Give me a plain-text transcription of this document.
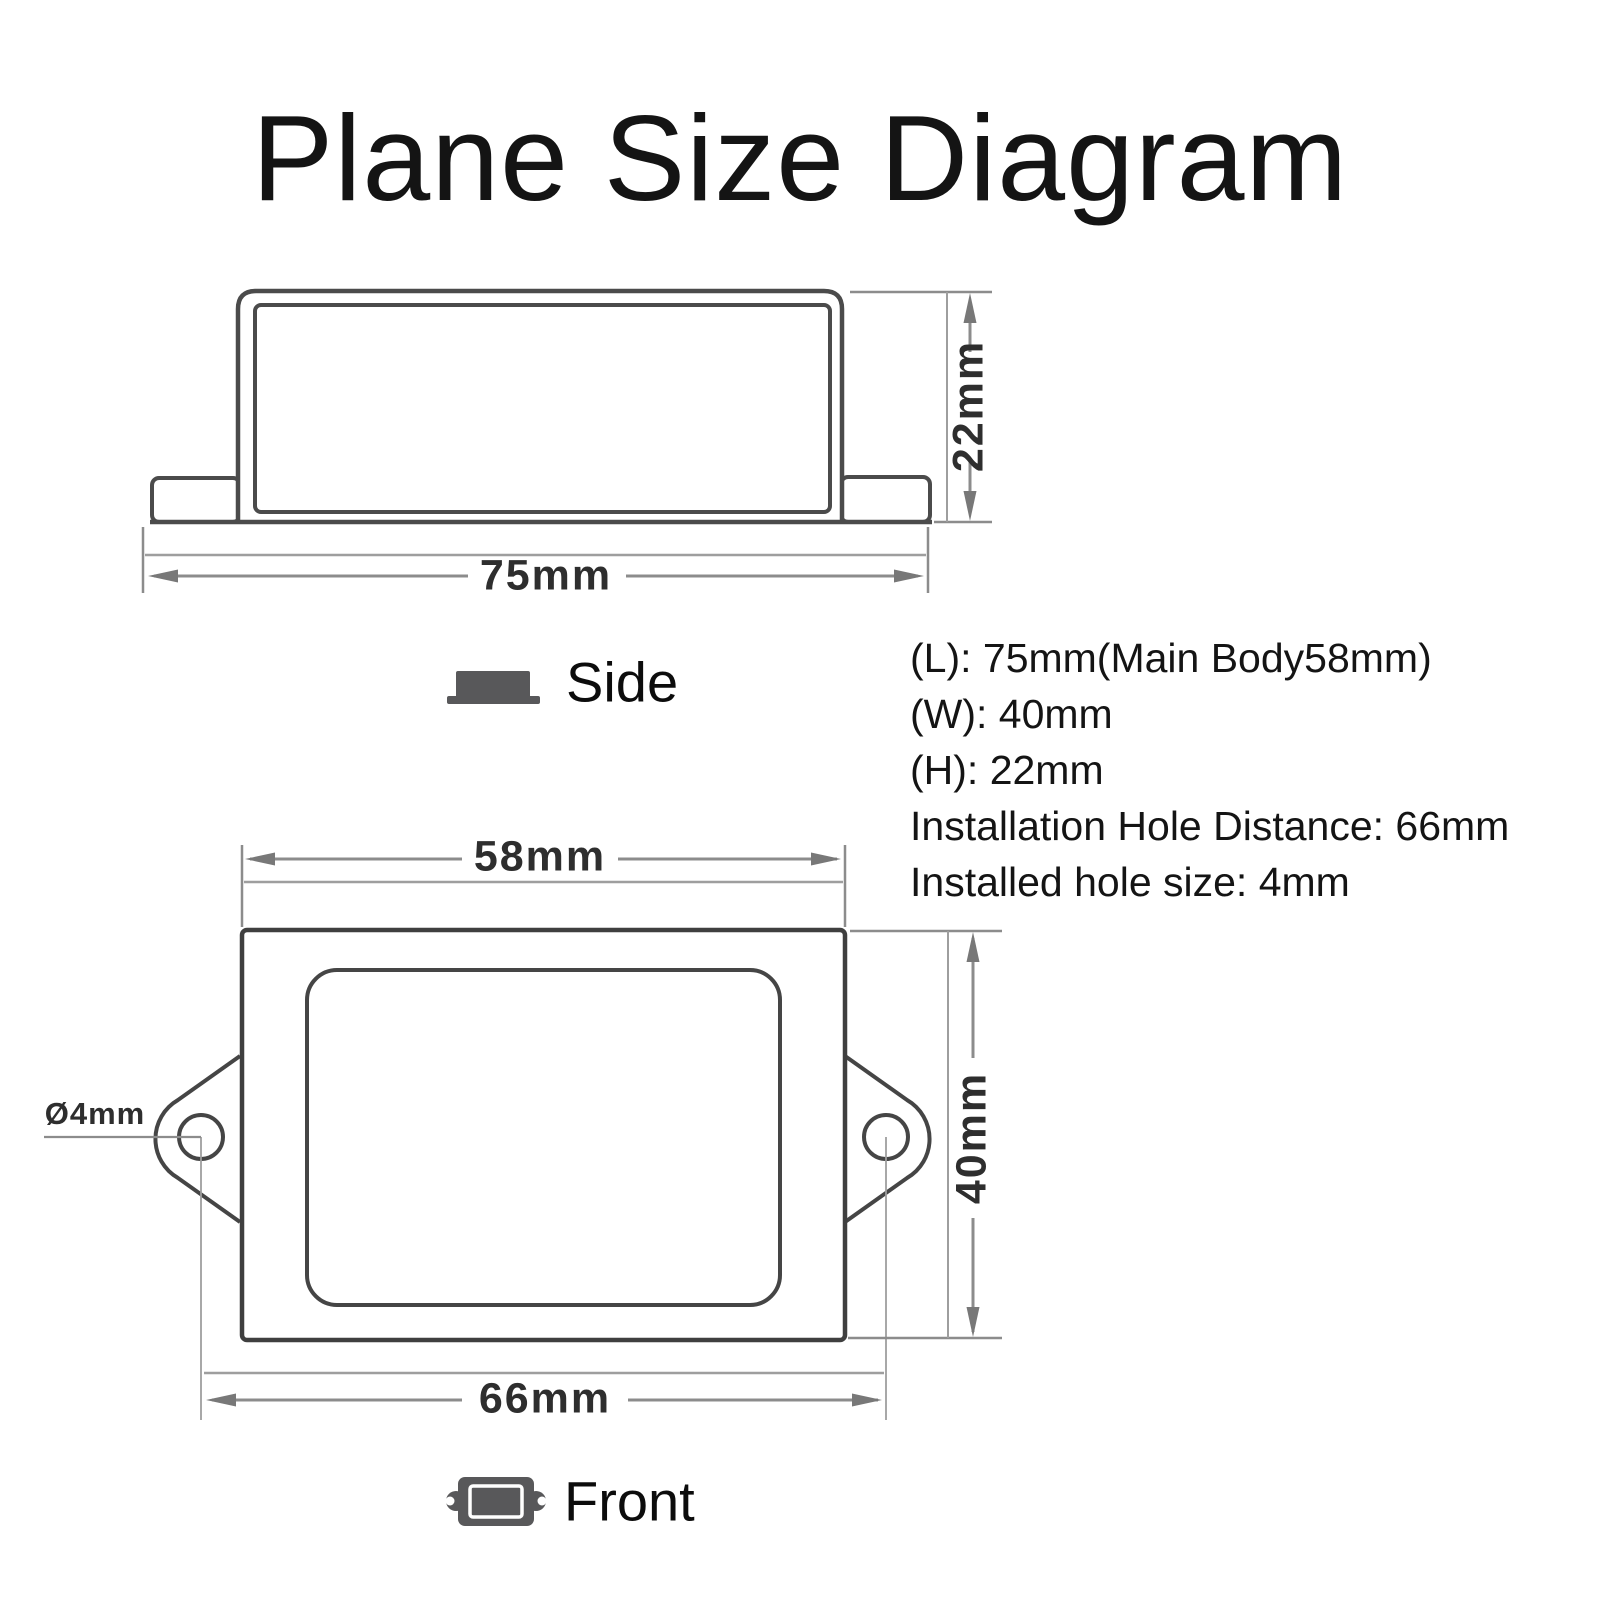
Plane Size Diagram
75mm
22mm
58mm
40mm
66mm
Ø4mm
Side
Front
(L): 75mm(Main Body58mm)
(W): 40mm
(H): 22mm
Installation Hole Distance: 66mm
Installed hole size: 4mm
